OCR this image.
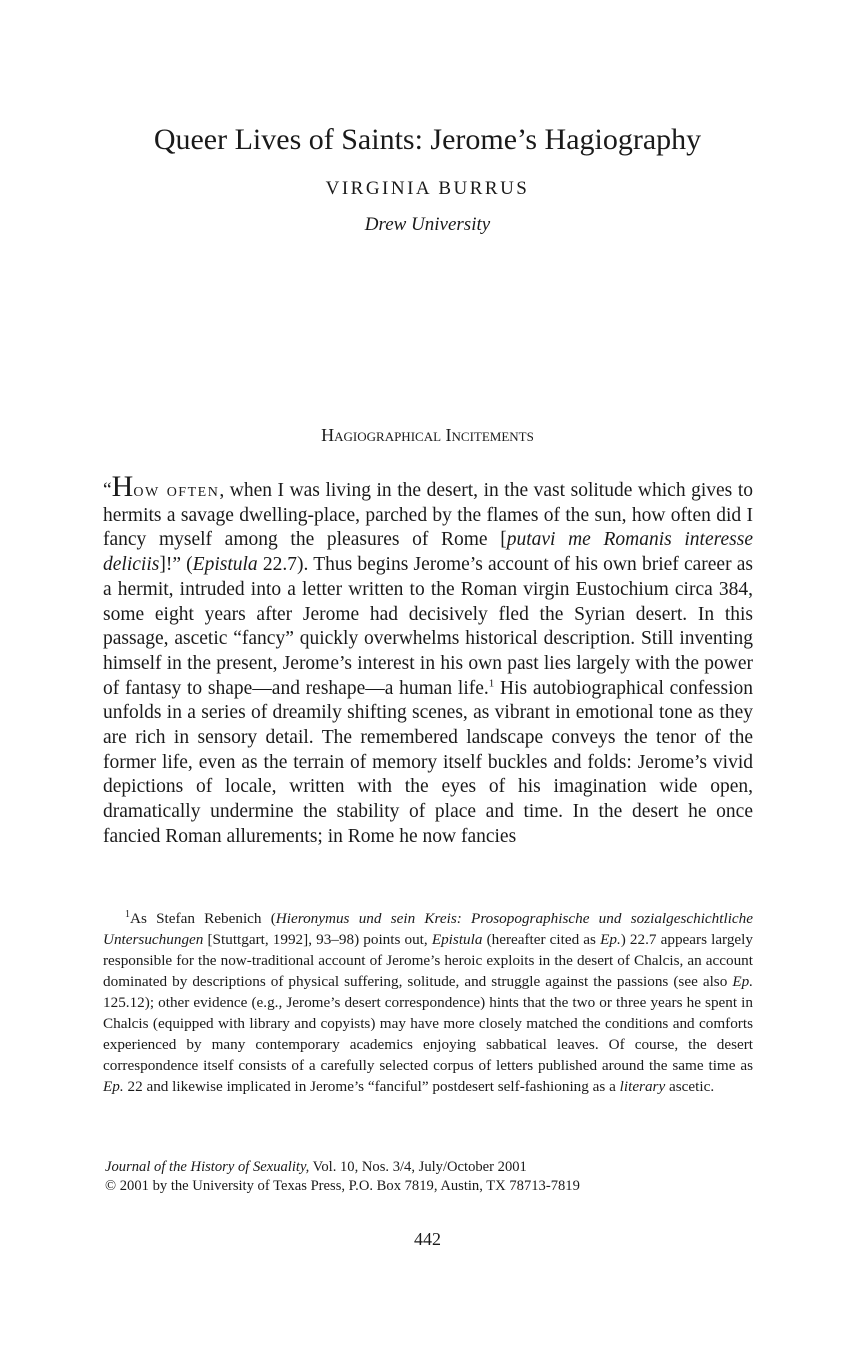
Queer Lives of Saints: Jerome’s Hagiography
VIRGINIA BURRUS
Drew University
Hagiographical Incitements

“How often, when I was living in the desert, in the vast solitude which gives to hermits a savage dwelling-place, parched by the flames of the sun, how often did I fancy myself among the pleasures of Rome [putavi me Romanis interesse deliciis]!” (Epistula 22.7). Thus begins Jerome’s account of his own brief career as a hermit, intruded into a letter written to the Roman virgin Eustochium circa 384, some eight years after Jerome had decisively fled the Syrian desert. In this passage, ascetic “fancy” quickly overwhelms historical description. Still inventing himself in the present, Jerome’s interest in his own past lies largely with the power of fantasy to shape—and reshape—a human life.$^1$ His autobiographical confession unfolds in a series of dreamily shifting scenes, as vibrant in emotional tone as they are rich in sensory detail. The remembered landscape conveys the tenor of the former life, even as the terrain of memory itself buckles and folds: Jerome’s vivid depictions of locale, written with the eyes of his imagination wide open, dramatically undermine the stability of place and time. In the desert he once fancied Roman allurements; in Rome he now fancies

$^1$As Stefan Rebenich (Hieronymus und sein Kreis: Prosopographische und sozialgeschichtliche Untersuchungen [Stuttgart, 1992], 93–98) points out, Epistula (hereafter cited as Ep.) 22.7 appears largely responsible for the now-traditional account of Jerome’s heroic exploits in the desert of Chalcis, an account dominated by descriptions of physical suffering, solitude, and struggle against the passions (see also Ep. 125.12); other evidence (e.g., Jerome’s desert correspondence) hints that the two or three years he spent in Chalcis (equipped with library and copyists) may have more closely matched the conditions and comforts experienced by many contemporary academics enjoying sabbatical leaves. Of course, the desert correspondence itself consists of a carefully selected corpus of letters published around the same time as Ep. 22 and likewise implicated in Jerome’s “fanciful” postdesert self-fashioning as a literary ascetic.

Journal of the History of Sexuality, Vol. 10, Nos. 3/4, July/October 2001
© 2001 by the University of Texas Press, P.O. Box 7819, Austin, TX 78713-7819
442
